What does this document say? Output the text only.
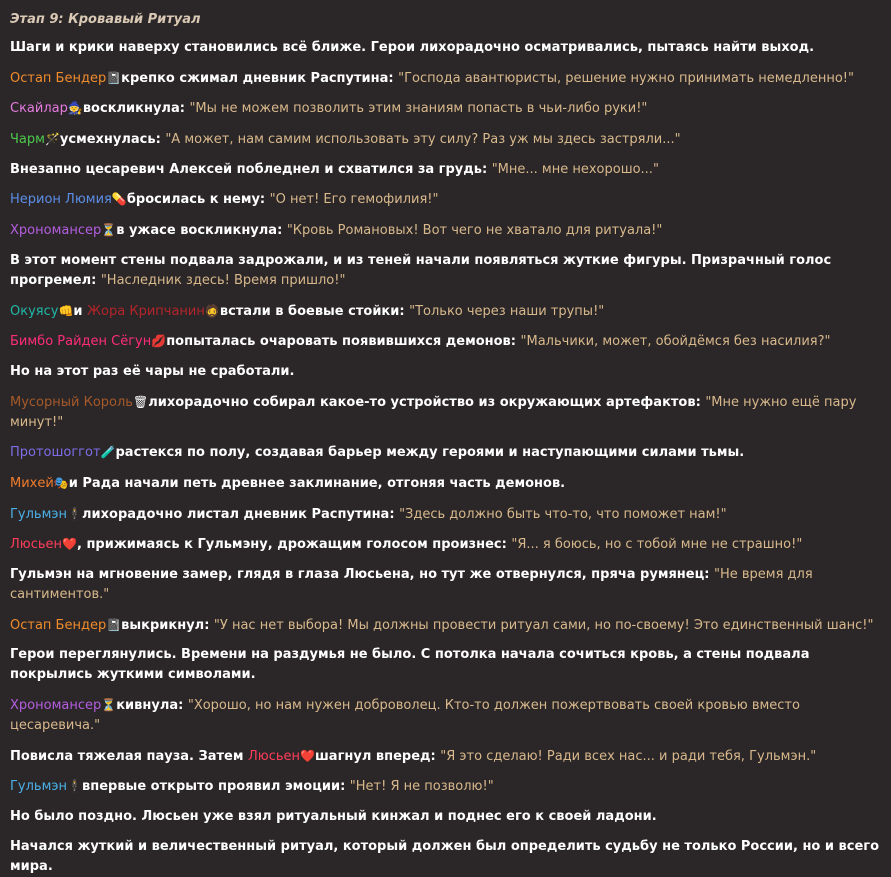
Этап 9: Кровавый Ритуал
Шаги и крики наверху становились всё ближе. Герои лихорадочно осматривались, пытаясь найти выход.
Остап Бендер📓крепко сжимал дневник Распутина: "Господа авантюристы, решение нужно принимать немедленно!"
Скайлар🧙воскликнула: "Мы не можем позволить этим знаниям попасть в чьи-либо руки!"
Чарм🪄усмехнулась: "А может, нам самим использовать эту силу? Раз уж мы здесь застряли..."
Внезапно цесаревич Алексей побледнел и схватился за грудь: "Мне... мне нехорошо..."
Нерион Люмия💊бросилась к нему: "О нет! Его гемофилия!"
Хрономансер⏳в ужасе воскликнула: "Кровь Романовых! Вот чего не хватало для ритуала!"
В этот момент стены подвала задрожали, и из теней начали появляться жуткие фигуры. Призрачный голос прогремел: "Наследник здесь! Время пришло!"
Окуясу👊и Жора Крипчанин🧔встали в боевые стойки: "Только через наши трупы!"
Бимбо Райден Сёгун💋попыталась очаровать появившихся демонов: "Мальчики, может, обойдёмся без насилия?"
Но на этот раз её чары не сработали.
Мусорный Король🗑лихорадочно собирал какое-то устройство из окружающих артефактов: "Мне нужно ещё пару минут!"
Протошоггот🧪растекся по полу, создавая барьер между героями и наступающими силами тьмы.
Михей🎭и Рада начали петь древнее заклинание, отгоняя часть демонов.
Гульмэн🕴лихорадочно листал дневник Распутина: "Здесь должно быть что-то, что поможет нам!"
Люсьен❤️, прижимаясь к Гульмэну, дрожащим голосом произнес: "Я... я боюсь, но с тобой мне не страшно!"
Гульмэн на мгновение замер, глядя в глаза Люсьена, но тут же отвернулся, пряча румянец: "Не время для сантиментов."
Остап Бендер📓выкрикнул: "У нас нет выбора! Мы должны провести ритуал сами, но по-своему! Это единственный шанс!"
Герои переглянулись. Времени на раздумья не было. С потолка начала сочиться кровь, а стены подвала покрылись жуткими символами.
Хрономансер⏳кивнула: "Хорошо, но нам нужен доброволец. Кто-то должен пожертвовать своей кровью вместо цесаревича."
Повисла тяжелая пауза. Затем Люсьен❤️шагнул вперед: "Я это сделаю! Ради всех нас... и ради тебя, Гульмэн."
Гульмэн🕴впервые открыто проявил эмоции: "Нет! Я не позволю!"
Но было поздно. Люсьен уже взял ритуальный кинжал и поднес его к своей ладони.
Начался жуткий и величественный ритуал, который должен был определить судьбу не только России, но и всего мира.
